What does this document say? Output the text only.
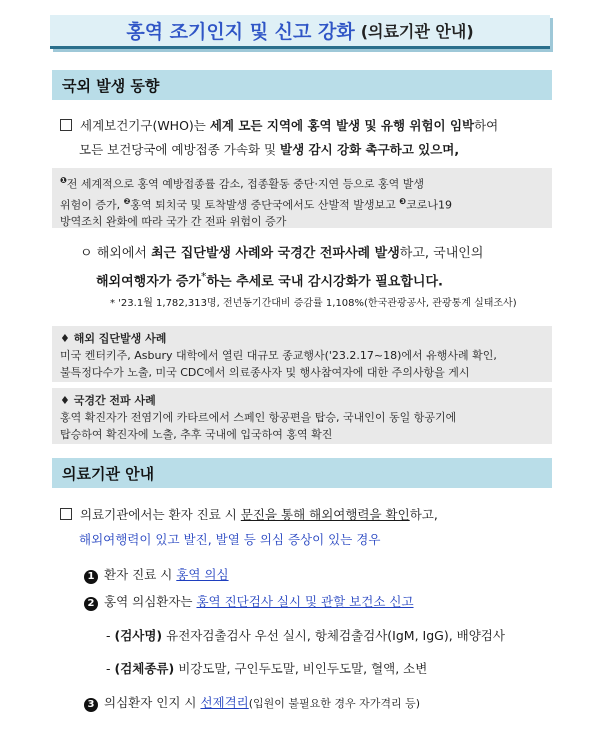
홍역 조기인지 및 신고 강화 (의료기관 안내)
국외 발생 동향
세계보건기구(WHO)는 세계 모든 지역에 홍역 발생 및 유행 위험이 임박하여
모든 보건당국에 예방접종 가속화 및 발생 감시 강화 촉구하고 있으며,
$^❶$전 세계적으로 홍역 예방접종률 감소, 접종활동 중단·지연 등으로 홍역 발생
위험이 증가, $^❷$홍역 퇴치국 및 토착발생 중단국에서도 산발적 발생보고 $^❸$코로나19
방역조치 완화에 따라 국가 간 전파 위험이 증가
ㅇ 해외에서 최근 집단발생 사례와 국경간 전파사례 발생하고, 국내인의
해외여행자가 증가*하는 추세로 국내 감시강화가 필요합니다.
* '23.1월 1,782,313명, 전년동기간대비 증감률 1,108%(한국관광공사, 관광통계 실태조사)
♦ 해외 집단발생 사례
미국 켄터키주, Asbury 대학에서 열린 대규모 종교행사('23.2.17~18)에서 유행사례 확인,
불특정다수가 노출, 미국 CDC에서 의료종사자 및 행사참여자에 대한 주의사항을 게시
♦ 국경간 전파 사례
홍역 확진자가 전염기에 카타르에서 스페인 항공편을 탑승, 국내인이 동일 항공기에
탑승하여 확진자에 노출, 추후 국내에 입국하여 홍역 확진
의료기관 안내
의료기관에서는 환자 진료 시 문진을 통해 해외여행력을 확인하고,
해외여행력이 있고 발진, 발열 등 의심 증상이 있는 경우
1 환자 진료 시 홍역 의심
2 홍역 의심환자는 홍역 진단검사 실시 및 관할 보건소 신고
- (검사명) 유전자검출검사 우선 실시, 항체검출검사(IgM, IgG), 배양검사
- (검체종류) 비강도말, 구인두도말, 비인두도말, 혈액, 소변
3 의심환자 인지 시 선제격리(입원이 불필요한 경우 자가격리 등)
